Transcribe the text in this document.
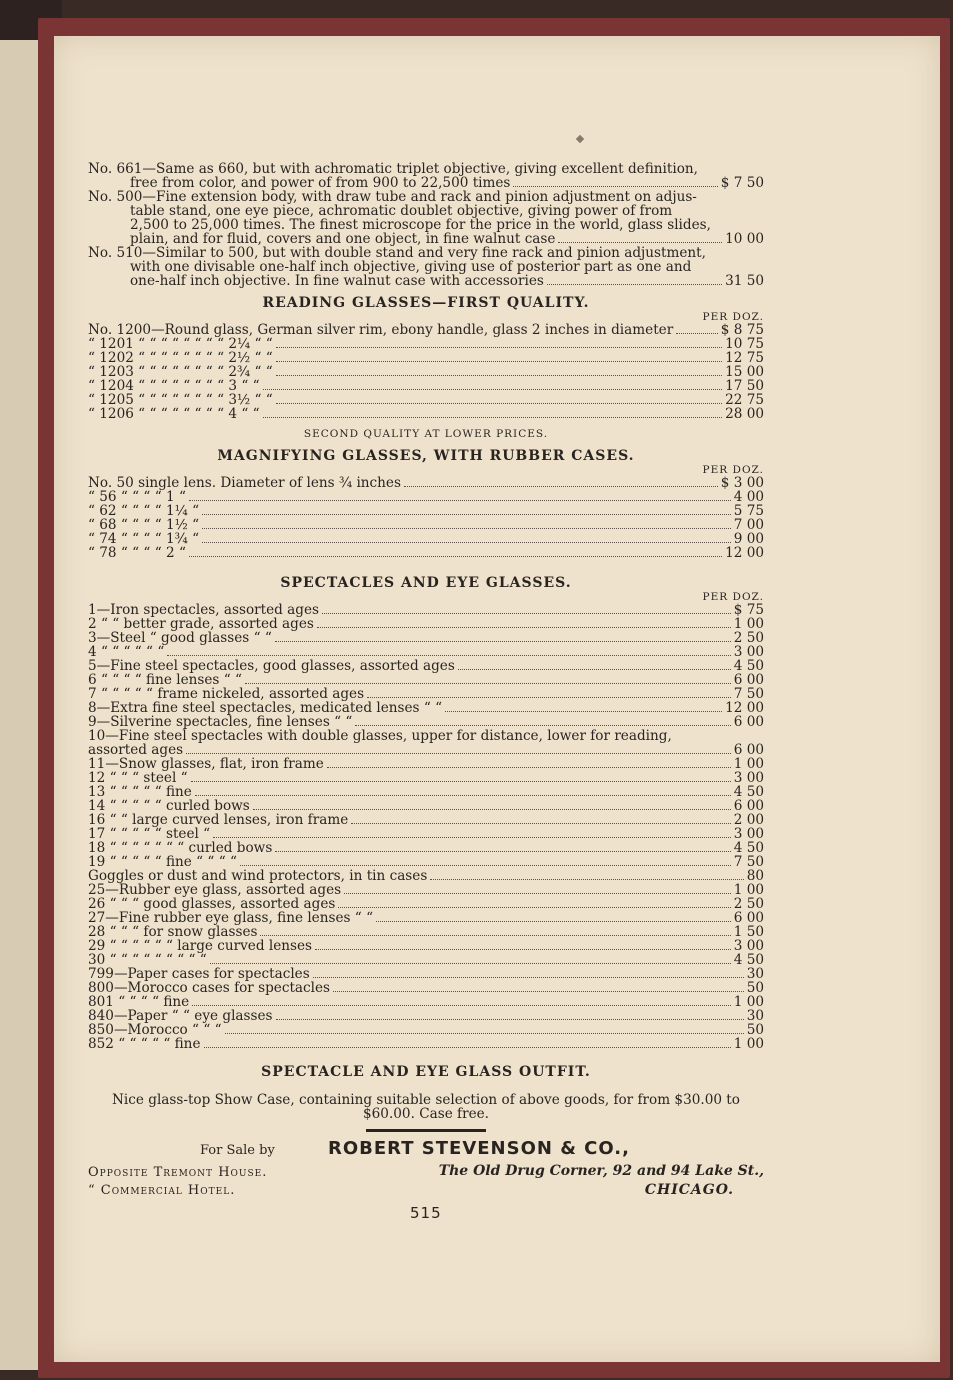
No. 661—Same as 660, but with achromatic triplet objective, giving excellent definition,
free from color, and power of from 900 to 22,500 times	$ 7 50
No. 500—Fine extension body, with draw tube and rack and pinion adjustment on adjus-
table stand, one eye piece, achromatic doublet objective, giving power of from
2,500 to 25,000 times. The finest microscope for the price in the world, glass slides,
plain, and for fluid, covers and one object, in fine walnut case	10 00
No. 510—Similar to 500, but with double stand and very fine rack and pinion adjustment,
with one divisable one-half inch objective, giving use of posterior part as one and
one-half inch objective. In fine walnut case with accessories	31 50
READING GLASSES—FIRST QUALITY.
PER DOZ.
No. 1200—Round glass, German silver rim, ebony handle, glass 2 inches in diameter	$ 8 75
“ 1201 “ “ “ “ “ “ “ “ 2¼ “ “	10 75
“ 1202 “ “ “ “ “ “ “ “ 2½ “ “	12 75
“ 1203 “ “ “ “ “ “ “ “ 2¾ “ “	15 00
“ 1204 “ “ “ “ “ “ “ “ 3 “ “	17 50
“ 1205 “ “ “ “ “ “ “ “ 3½ “ “	22 75
“ 1206 “ “ “ “ “ “ “ “ 4 “ “	28 00
SECOND QUALITY AT LOWER PRICES.
MAGNIFYING GLASSES, WITH RUBBER CASES.
PER DOZ.
No. 50 single lens. Diameter of lens ¾ inches	$ 3 00
“ 56 “ “ “ “ 1 “	4 00
“ 62 “ “ “ “ 1¼ “	5 75
“ 68 “ “ “ “ 1½ “	7 00
“ 74 “ “ “ “ 1¾ “	9 00
“ 78 “ “ “ “ 2 “	12 00
SPECTACLES AND EYE GLASSES.
PER DOZ.
1—Iron spectacles, assorted ages	$ 75
2 “ “ better grade, assorted ages	1 00
3—Steel “ good glasses “ “	2 50
4 “ “ “ “ “ “	3 00
5—Fine steel spectacles, good glasses, assorted ages	4 50
6 “ “ “ “ fine lenses “ “	6 00
7 “ “ “ “ “ frame nickeled, assorted ages	7 50
8—Extra fine steel spectacles, medicated lenses “ “	12 00
9—Silverine spectacles, fine lenses “ “	6 00
10—Fine steel spectacles with double glasses, upper for distance, lower for reading,
assorted ages	6 00
11—Snow glasses, flat, iron frame	1 00
12 “ “ “ steel “	3 00
13 “ “ “ “ “ fine	4 50
14 “ “ “ “ “ curled bows	6 00
16 “ “ large curved lenses, iron frame	2 00
17 “ “ “ “ “ steel “	3 00
18 “ “ “ “ “ “ “ curled bows	4 50
19 “ “ “ “ “ fine “ “ “ “	7 50
Goggles or dust and wind protectors, in tin cases	80
25—Rubber eye glass, assorted ages	1 00
26 “ “ “ good glasses, assorted ages	2 50
27—Fine rubber eye glass, fine lenses “ “	6 00
28 “ “ “ for snow glasses	1 50
29 “ “ “ “ “ “ large curved lenses	3 00
30 “ “ “ “ “ “ “ “ “	4 50
799—Paper cases for spectacles	30
800—Morocco cases for spectacles	50
801 “ “ “ “ fine	1 00
840—Paper “ “ eye glasses	30
850—Morocco “ “ “	50
852 “ “ “ “ “ fine	1 00
SPECTACLE AND EYE GLASS OUTFIT.
Nice glass-top Show Case, containing suitable selection of above goods, for from $30.00 to
$60.00. Case free.
For Sale by	ROBERT STEVENSON & CO.,
Opposite Tremont House.
“ Commercial Hotel.
The Old Drug Corner, 92 and 94 Lake St.,
CHICAGO.
515
